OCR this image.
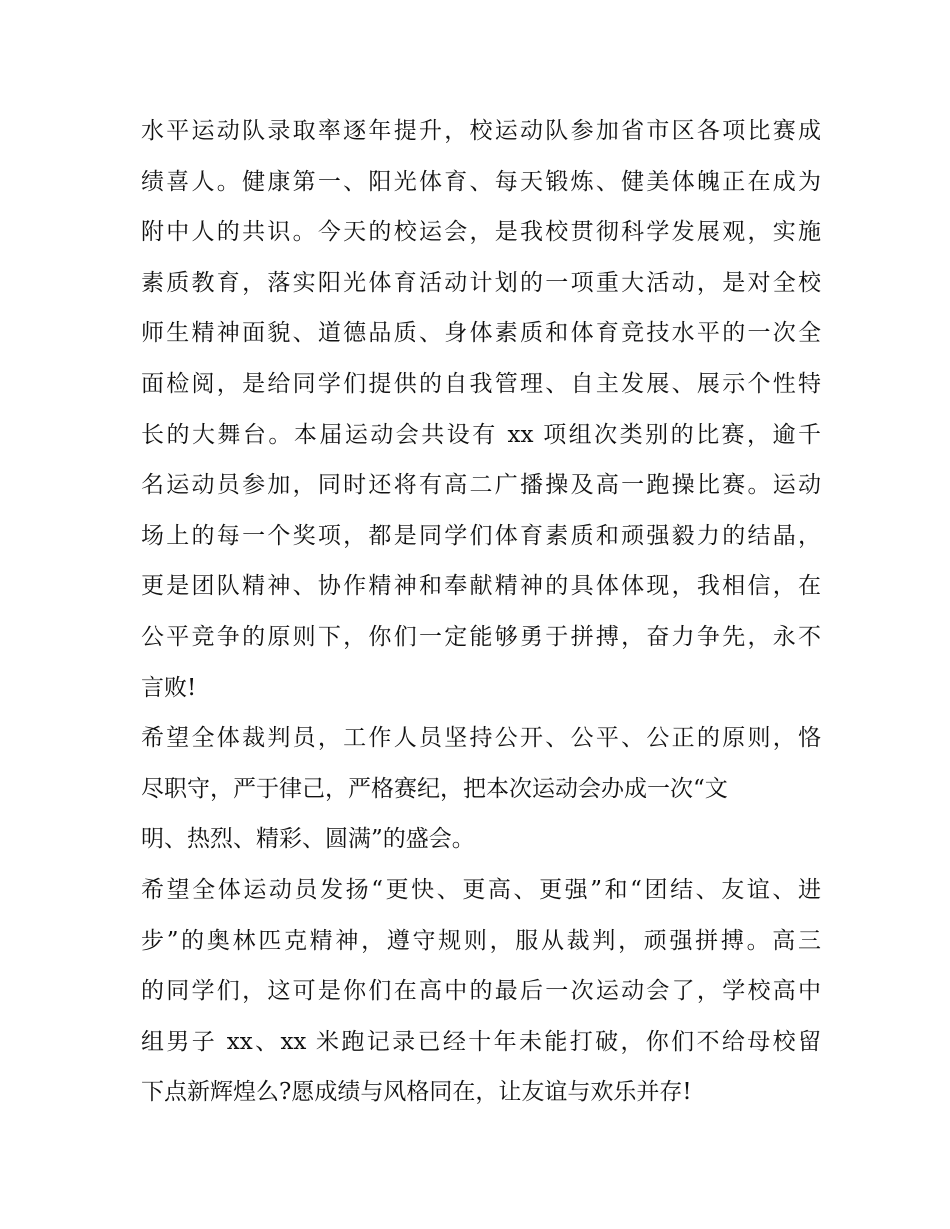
水平运动队录取率逐年提升，校运动队参加省市区各项比赛成
绩喜人。健康第一、阳光体育、每天锻炼、健美体魄正在成为
附中人的共识。今天的校运会，是我校贯彻科学发展观，实施
素质教育，落实阳光体育活动计划的一项重大活动，是对全校
师生精神面貌、道德品质、身体素质和体育竞技水平的一次全
面检阅，是给同学们提供的自我管理、自主发展、展示个性特
长的大舞台。本届运动会共设有 xx 项组次类别的比赛，逾千
名运动员参加，同时还将有高二广播操及高一跑操比赛。运动
场上的每一个奖项，都是同学们体育素质和顽强毅力的结晶，
更是团队精神、协作精神和奉献精神的具体体现，我相信，在
公平竞争的原则下，你们一定能够勇于拼搏，奋力争先，永不
言败!
希望全体裁判员，工作人员坚持公开、公平、公正的原则，恪
尽职守，严于律己，严格赛纪，把本次运动会办成一次“文
明、热烈、精彩、圆满”的盛会。
希望全体运动员发扬“更快、更高、更强”和“团结、友谊、进
步”的奥林匹克精神，遵守规则，服从裁判，顽强拼搏。高三
的同学们，这可是你们在高中的最后一次运动会了，学校高中
组男子 xx、xx 米跑记录已经十年未能打破，你们不给母校留
下点新辉煌么?愿成绩与风格同在，让友谊与欢乐并存!
